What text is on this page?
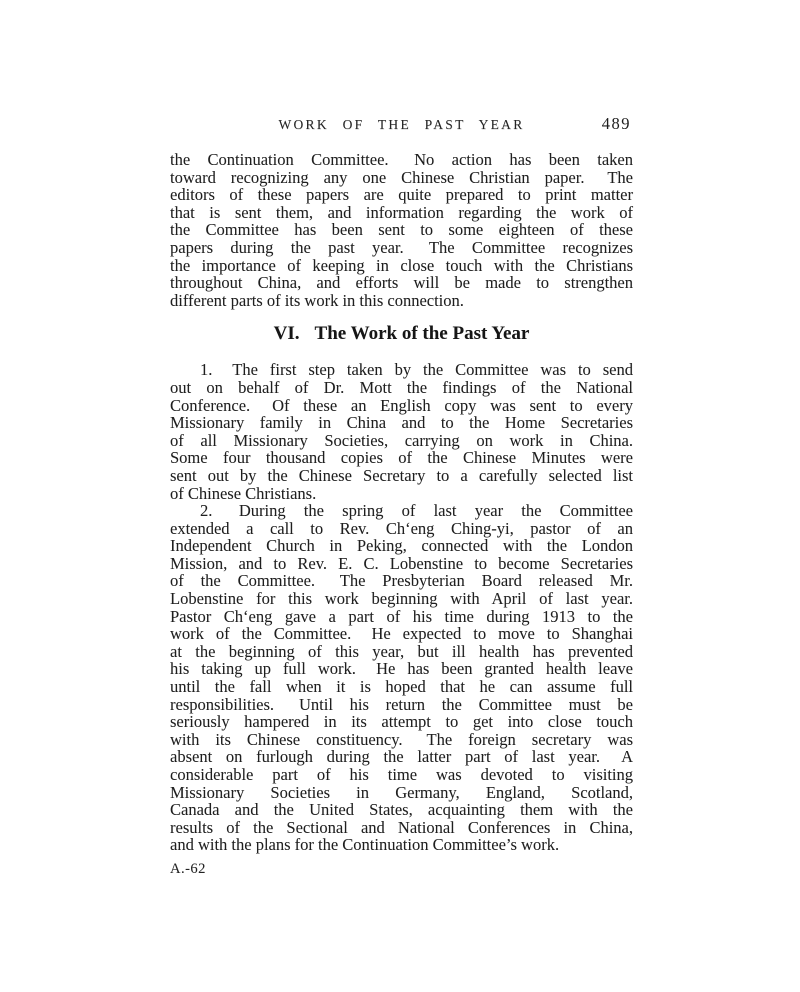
WORK OF THE PAST YEAR	489
the Continuation Committee.  No action has been taken
toward recognizing any one Chinese Christian paper.  The
editors of these papers are quite prepared to print matter
that is sent them, and information regarding the work of
the Committee has been sent to some eighteen of these
papers during the past year.  The Committee recognizes
the importance of keeping in close touch with the Christians
throughout China, and efforts will be made to strengthen
different parts of its work in this connection.
VI. The Work of the Past Year
1.  The first step taken by the Committee was to send
out on behalf of Dr. Mott the findings of the National
Conference.  Of these an English copy was sent to every
Missionary family in China and to the Home Secretaries
of all Missionary Societies, carrying on work in China.
Some four thousand copies of the Chinese Minutes were
sent out by the Chinese Secretary to a carefully selected list
of Chinese Christians.
2.  During the spring of last year the Committee
extended a call to Rev. Ch‘eng Ching-yi, pastor of an
Independent Church in Peking, connected with the London
Mission, and to Rev. E. C. Lobenstine to become Secretaries
of the Committee.  The Presbyterian Board released Mr.
Lobenstine for this work beginning with April of last year.
Pastor Ch‘eng gave a part of his time during 1913 to the
work of the Committee.  He expected to move to Shanghai
at the beginning of this year, but ill health has prevented
his taking up full work.  He has been granted health leave
until the fall when it is hoped that he can assume full
responsibilities.  Until his return the Committee must be
seriously hampered in its attempt to get into close touch
with its Chinese constituency.  The foreign secretary was
absent on furlough during the latter part of last year.  A
considerable part of his time was devoted to visiting
Missionary Societies in Germany, England, Scotland,
Canada and the United States, acquainting them with the
results of the Sectional and National Conferences in China,
and with the plans for the Continuation Committee’s work.
A.-62
